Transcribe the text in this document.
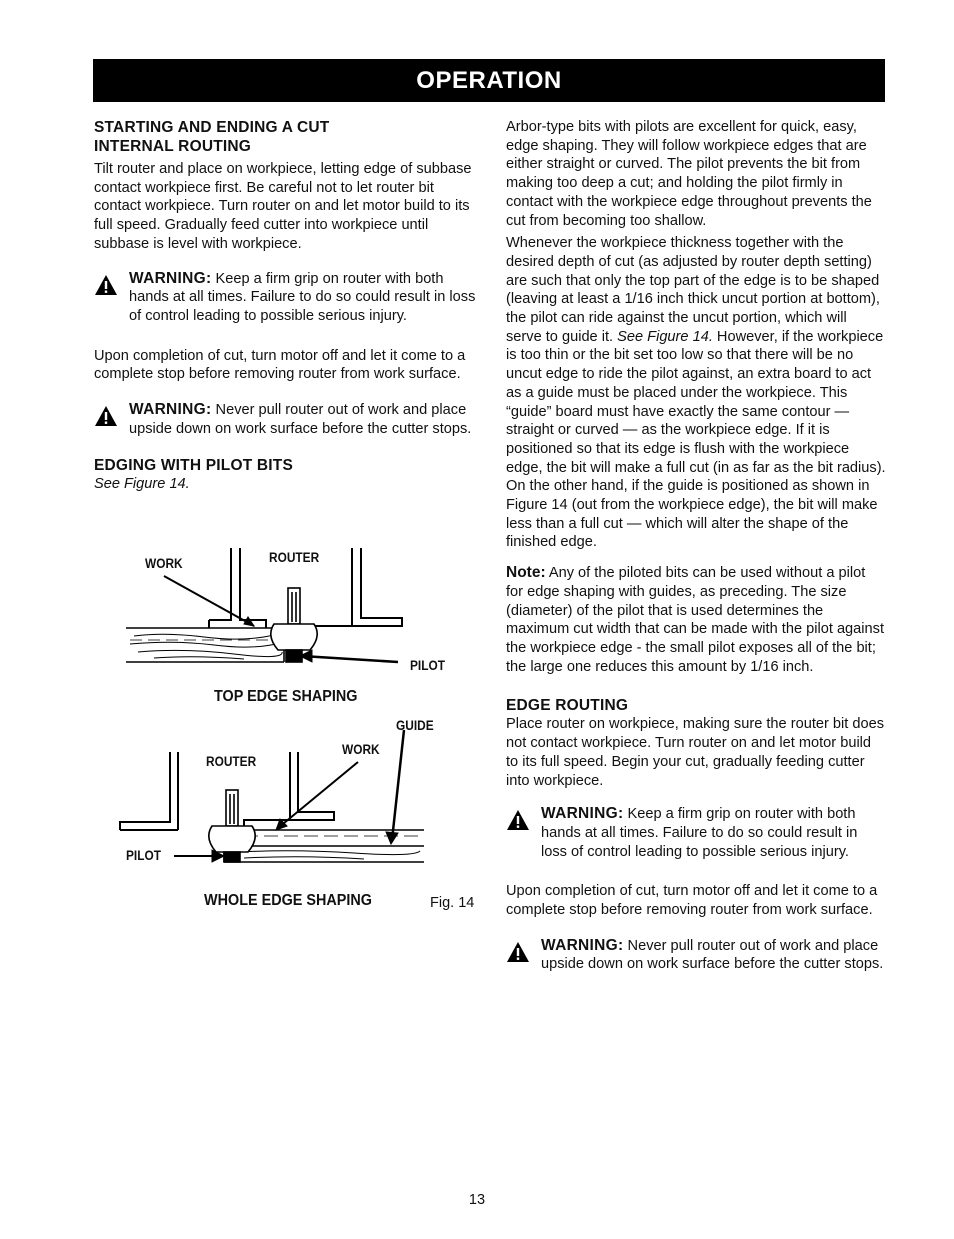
OPERATION
STARTING AND ENDING A CUT
INTERNAL ROUTING

Tilt router and place on workpiece, letting edge of subbase contact workpiece first. Be careful not to let router bit contact workpiece. Turn router on and let motor build to its full speed. Gradually feed cutter into workpiece until subbase is level with workpiece.

WARNING: Keep a firm grip on router with both hands at all times. Failure to do so could result in loss of control leading to possible serious injury.

Upon completion of cut, turn motor off and let it come to a complete stop before removing router from work surface.

WARNING: Never pull router out of work and place upside down on work surface before the cutter stops.

EDGING WITH PILOT BITS

See Figure 14.

WORK	ROUTER
PILOT
TOP EDGE SHAPING
GUIDE
WORK
ROUTER
PILOT
WHOLE EDGE SHAPING	Fig. 14

Arbor-type bits with pilots are excellent for quick, easy, edge shaping. They will follow workpiece edges that are either straight or curved. The pilot prevents the bit from making too deep a cut; and holding the pilot firmly in contact with the workpiece edge throughout prevents the cut from becoming too shallow.

Whenever the workpiece thickness together with the desired depth of cut (as adjusted by router depth setting) are such that only the top part of the edge is to be shaped (leaving at least a 1/16 inch thick uncut portion at bottom), the pilot can ride against the uncut portion, which will serve to guide it. See Figure 14. However, if the workpiece is too thin or the bit set too low so that there will be no uncut edge to ride the pilot against, an extra board to act as a guide must be placed under the workpiece. This “guide” board must have exactly the same contour — straight or curved — as the workpiece edge. If it is positioned so that its edge is flush with the workpiece edge, the bit will make a full cut (in as far as the bit radius). On the other hand, if the guide is positioned as shown in Figure 14 (out from the workpiece edge), the bit will make less than a full cut — which will alter the shape of the finished edge.

Note: Any of the piloted bits can be used without a pilot for edge shaping with guides, as preceding. The size (diameter) of the pilot that is used determines the maximum cut width that can be made with the pilot against the workpiece edge - the small pilot exposes all of the bit; the large one reduces this amount by 1/16 inch.

EDGE ROUTING

Place router on workpiece, making sure the router bit does not contact workpiece. Turn router on and let motor build to its full speed. Begin your cut, gradually feeding cutter into workpiece.

WARNING: Keep a firm grip on router with both hands at all times. Failure to do so could result in loss of control leading to possible serious injury.

Upon completion of cut, turn motor off and let it come to a complete stop before removing router from work surface.

WARNING: Never pull router out of work and place upside down on work surface before the cutter stops.

13
